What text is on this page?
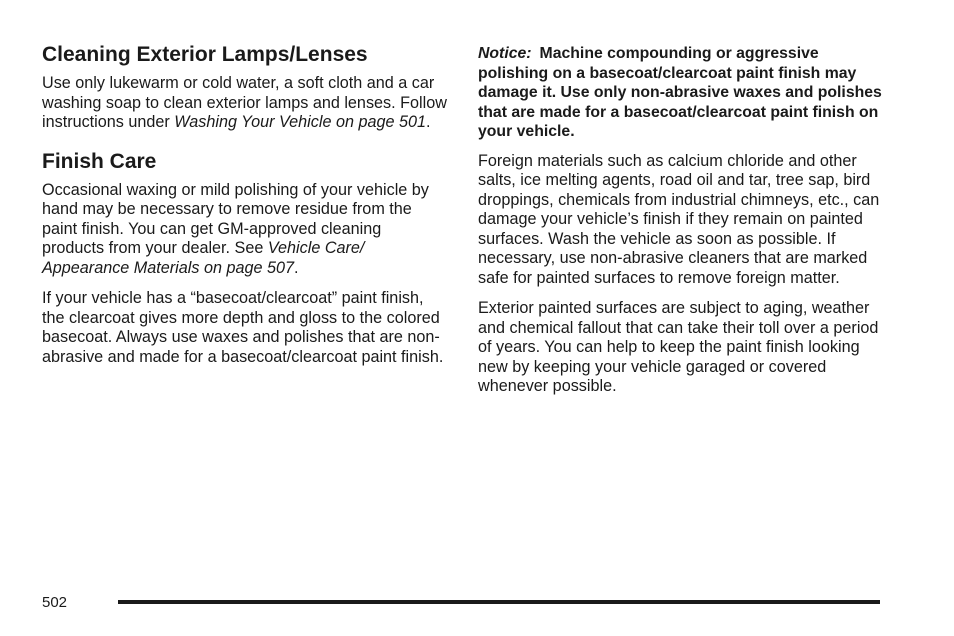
Cleaning Exterior Lamps/Lenses

Use only lukewarm or cold water, a soft cloth and a car washing soap to clean exterior lamps and lenses. Follow instructions under Washing Your Vehicle on page 501.

Finish Care

Occasional waxing or mild polishing of your vehicle by hand may be necessary to remove residue from the paint finish. You can get GM-approved cleaning products from your dealer. See Vehicle Care/ Appearance Materials on page 507.

If your vehicle has a “basecoat/clearcoat” paint finish, the clearcoat gives more depth and gloss to the colored basecoat. Always use waxes and polishes that are non-abrasive and made for a basecoat/clearcoat paint finish.

Notice: Machine compounding or aggressive polishing on a basecoat/clearcoat paint finish may damage it. Use only non-abrasive waxes and polishes that are made for a basecoat/clearcoat paint finish on your vehicle.

Foreign materials such as calcium chloride and other salts, ice melting agents, road oil and tar, tree sap, bird droppings, chemicals from industrial chimneys, etc., can damage your vehicle’s finish if they remain on painted surfaces. Wash the vehicle as soon as possible. If necessary, use non-abrasive cleaners that are marked safe for painted surfaces to remove foreign matter.

Exterior painted surfaces are subject to aging, weather and chemical fallout that can take their toll over a period of years. You can help to keep the paint finish looking new by keeping your vehicle garaged or covered whenever possible.

502
